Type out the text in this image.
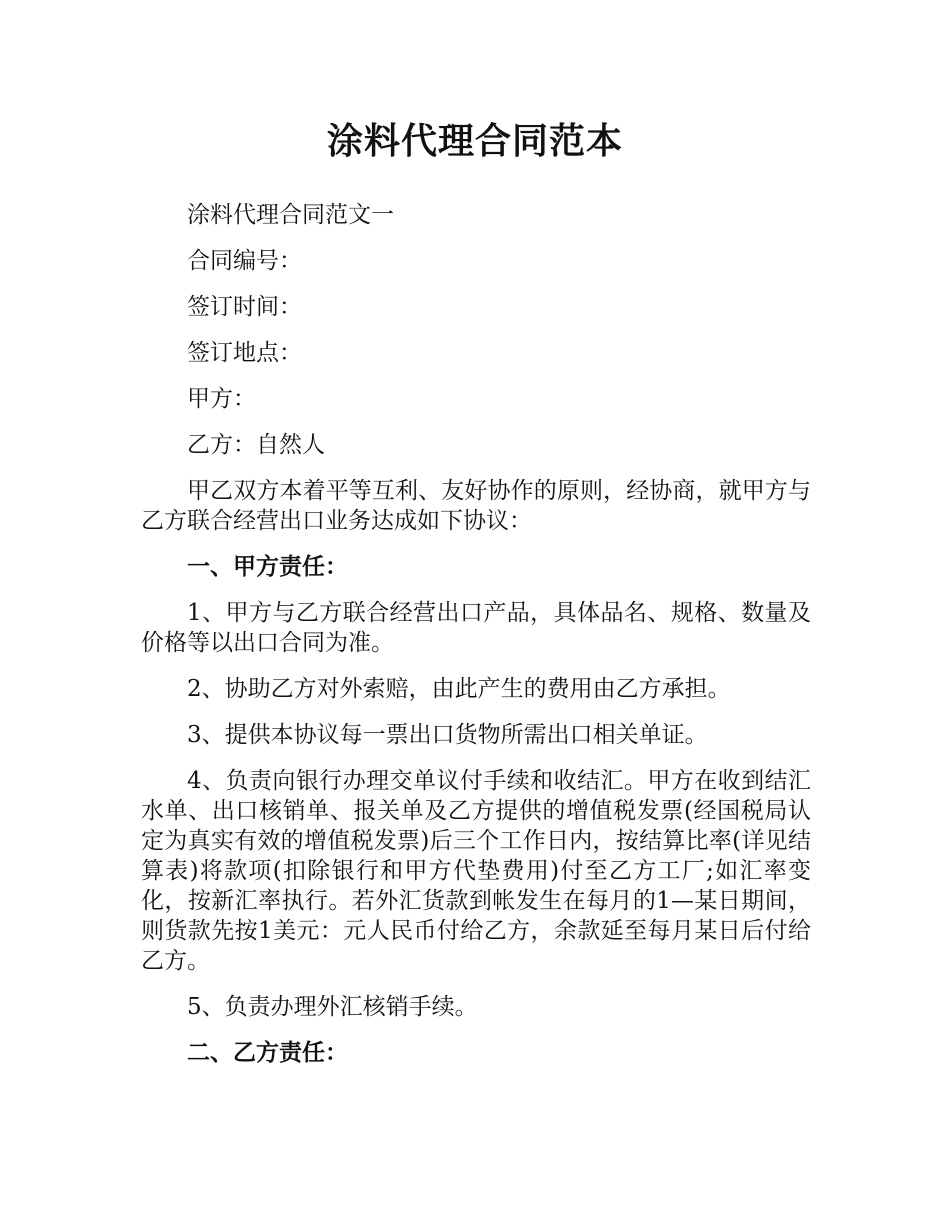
涂料代理合同范本

涂料代理合同范文一

合同编号：

签订时间：

签订地点：

甲方：

乙方：自然人

甲乙双方本着平等互利、友好协作的原则，经协商，就甲方与乙方联合经营出口业务达成如下协议：

一、甲方责任：

1、甲方与乙方联合经营出口产品，具体品名、规格、数量及价格等以出口合同为准。

2、协助乙方对外索赔，由此产生的费用由乙方承担。

3、提供本协议每一票出口货物所需出口相关单证。

4、负责向银行办理交单议付手续和收结汇。甲方在收到结汇水单、出口核销单、报关单及乙方提供的增值税发票(经国税局认定为真实有效的增值税发票)后三个工作日内，按结算比率(详见结算表)将款项(扣除银行和甲方代垫费用)付至乙方工厂;如汇率变化，按新汇率执行。若外汇货款到帐发生在每月的1—某日期间，则货款先按1美元：元人民币付给乙方，余款延至每月某日后付给乙方。

5、负责办理外汇核销手续。

二、乙方责任：
